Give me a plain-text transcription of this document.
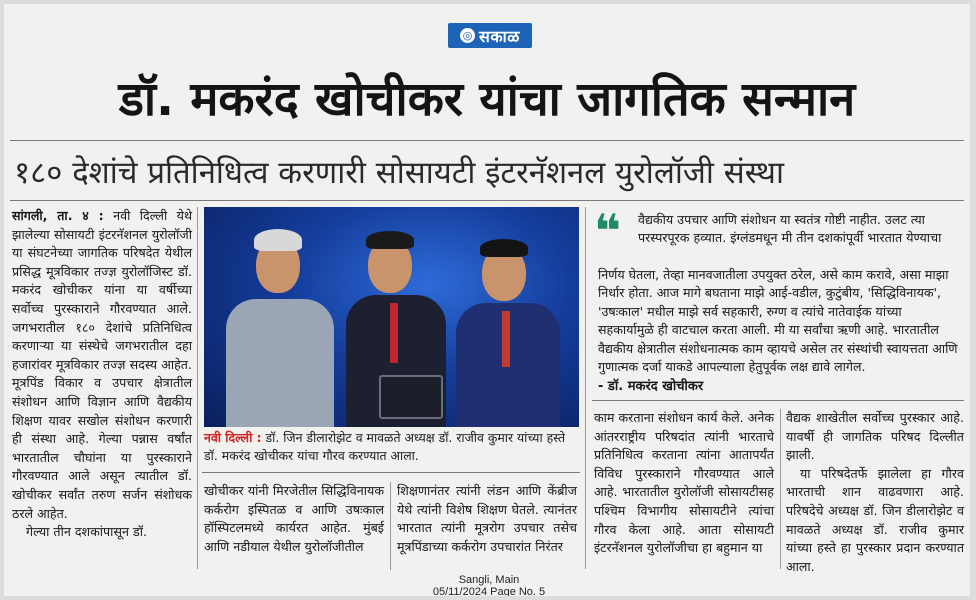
◎ सकाळ
डॉ. मकरंद खोचीकर यांचा जागतिक सन्मान
१८० देशांचे प्रतिनिधित्व करणारी सोसायटी इंटरनॅशनल युरोलॉजी संस्था

सांगली, ता. ४ : नवी दिल्ली येथे झालेल्या सोसायटी इंटरनॅशनल युरोलॉजी या संघटनेच्या जागतिक परिषदेत येथील प्रसिद्ध मूत्रविकार तज्ज्ञ युरोलॉजिस्ट डॉ. मकरंद खोचीकर यांना या वर्षीच्या सर्वोच्च पुरस्काराने गौरवण्यात आले. जगभरातील १८० देशांचे प्रतिनिधित्व करणाऱ्या या संस्थेचे जगभरातील दहा हजारांवर मूत्रविकार तज्ज्ञ सदस्य आहेत. मूत्रपिंड विकार व उपचार क्षेत्रातील संशोधन आणि विज्ञान आणि वैद्यकीय शिक्षण यावर सखोल संशोधन करणारी ही संस्था आहे. गेल्या पन्नास वर्षांत भारतातील चौघांना या पुरस्काराने गौरवण्यात आले असून त्यातील डॉ. खोचीकर सर्वांत तरुण सर्जन संशोधक ठरले आहेत.

गेल्या तीन दशकांपासून डॉ.

नवी दिल्ली : डॉ. जिन डीलारोझेट व मावळते अध्यक्ष डॉ. राजीव कुमार यांच्या हस्ते डॉ. मकरंद खोचीकर यांचा गौरव करण्यात आला.

खोचीकर यांनी मिरजेतील सिद्धिविनायक कर्करोग इस्पितळ व आणि उषःकाल हॉस्पिटलमध्ये कार्यरत आहेत. मुंबई आणि नडीयाल येथील युरोलॉजीतील

शिक्षणानंतर त्यांनी लंडन आणि केंब्रीज येथे त्यांनी विशेष शिक्षण घेतले. त्यानंतर भारतात त्यांनी मूत्ररोग उपचार तसेच मूत्रपिंडाच्या कर्करोग उपचारांत निरंतर

❝ वैद्यकीय उपचार आणि संशोधन या स्वतंत्र गोष्टी नाहीत. उलट त्या परस्परपूरक हव्यात. इंग्लंडमधून मी तीन दशकांपूर्वी भारतात येण्याचा
निर्णय घेतला, तेव्हा मानवजातीला उपयुक्त ठरेल, असे काम करावे, असा माझा निर्धार होता. आज मागे बघताना माझे आई-वडील, कुटुंबीय, 'सिद्धिविनायक', 'उषःकाल' मधील माझे सर्व सहकारी, रुग्ण व त्यांचे नातेवाईक यांच्या सहकार्यामुळे ही वाटचाल करता आली. मी या सर्वांचा ऋणी आहे. भारतातील वैद्यकीय क्षेत्रातील संशोधनात्मक काम व्हायचे असेल तर संस्थांची स्वायत्तता आणि गुणात्मक दर्जा याकडे आपल्याला हेतुपूर्वक लक्ष द्यावे लागेल.
- डॉ. मकरंद खोचीकर

काम करताना संशोधन कार्य केले. अनेक आंतरराष्ट्रीय परिषदांत त्यांनी भारताचे प्रतिनिधित्व करताना त्यांना आतापर्यंत विविध पुरस्काराने गौरवण्यात आले आहे. भारतातील युरोलॉजी सोसायटीसह पश्चिम विभागीय सोसायटीने त्यांचा गौरव केला आहे. आता सोसायटी इंटरनॅशनल युरोलॉजीचा हा बहुमान या

वैद्यक शाखेतील सर्वोच्च पुरस्कार आहे. यावर्षी ही जागतिक परिषद दिल्लीत झाली.

या परिषदेतर्फे झालेला हा गौरव भारताची शान वाढवणारा आहे. परिषदेचे अध्यक्ष डॉ. जिन डीलारोझेट व मावळते अध्यक्ष डॉ. राजीव कुमार यांच्या हस्ते हा पुरस्कार प्रदान करण्यात आला.

Sangli, Main
05/11/2024 Page No. 5
